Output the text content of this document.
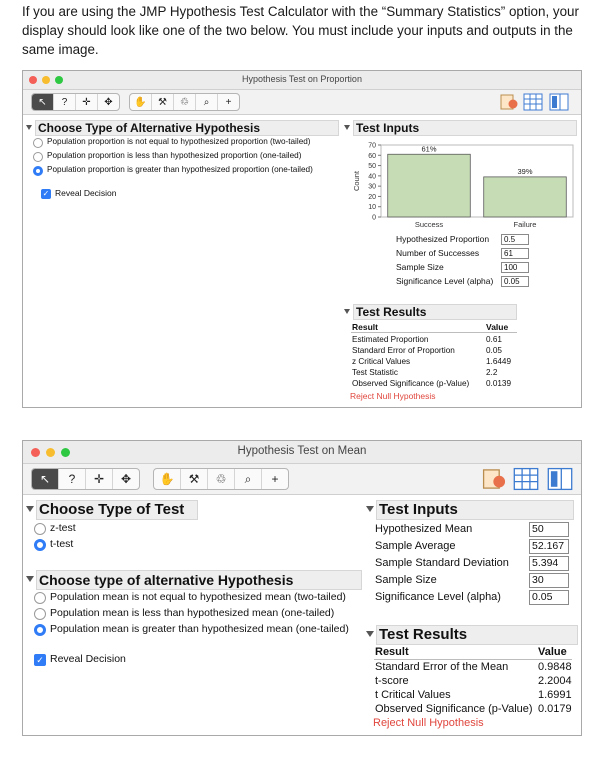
If you are using the JMP Hypothesis Test Calculator with the “Summary Statistics” option, your display should look like one of the two below. You must include your inputs and outputs in the same image.
Hypothesis Test on Proportion
↖	?	✛	✥	✋	⚒	♲	⌕	+
Choose Type of Alternative Hypothesis
Population proportion is not equal to hypothesized proportion (two-tailed)
Population proportion is less than hypothesized proportion (one-tailed)
Population proportion is greater than hypothesized proportion (one-tailed)
✓ Reveal Decision
Test Inputs
0
10
20
30
40
50
60
70
Count
61%
Success
39%
Failure
Hypothesized Proportion	0.5
Number of Successes	61
Sample Size	100
Significance Level (alpha)	0.05
Test Results
Result	Value
Estimated Proportion	0.61
Standard Error of Proportion	0.05
z Critical Values	1.6449
Test Statistic	2.2
Observed Significance (p-Value) 0.0139
Reject Null Hypothesis
Hypothesis Test on Mean
↖	?	✛	✥	✋	⚒	♲	⌕	+
Choose Type of Test
z-test
t-test
Choose type of alternative Hypothesis
Population mean is not equal to hypothesized mean (two-tailed)
Population mean is less than hypothesized mean (one-tailed)
Population mean is greater than hypothesized mean (one-tailed)
✓ Reveal Decision
Test Inputs
Hypothesized Mean	50
Sample Average	52.167
Sample Standard Deviation 5.394
Sample Size	30
Significance Level (alpha)	0.05
Test Results
Result	Value
Standard Error of the Mean	0.9848
t-score	2.2004
t Critical Values	1.6991
Observed Significance (p-Value) 0.0179
Reject Null Hypothesis
